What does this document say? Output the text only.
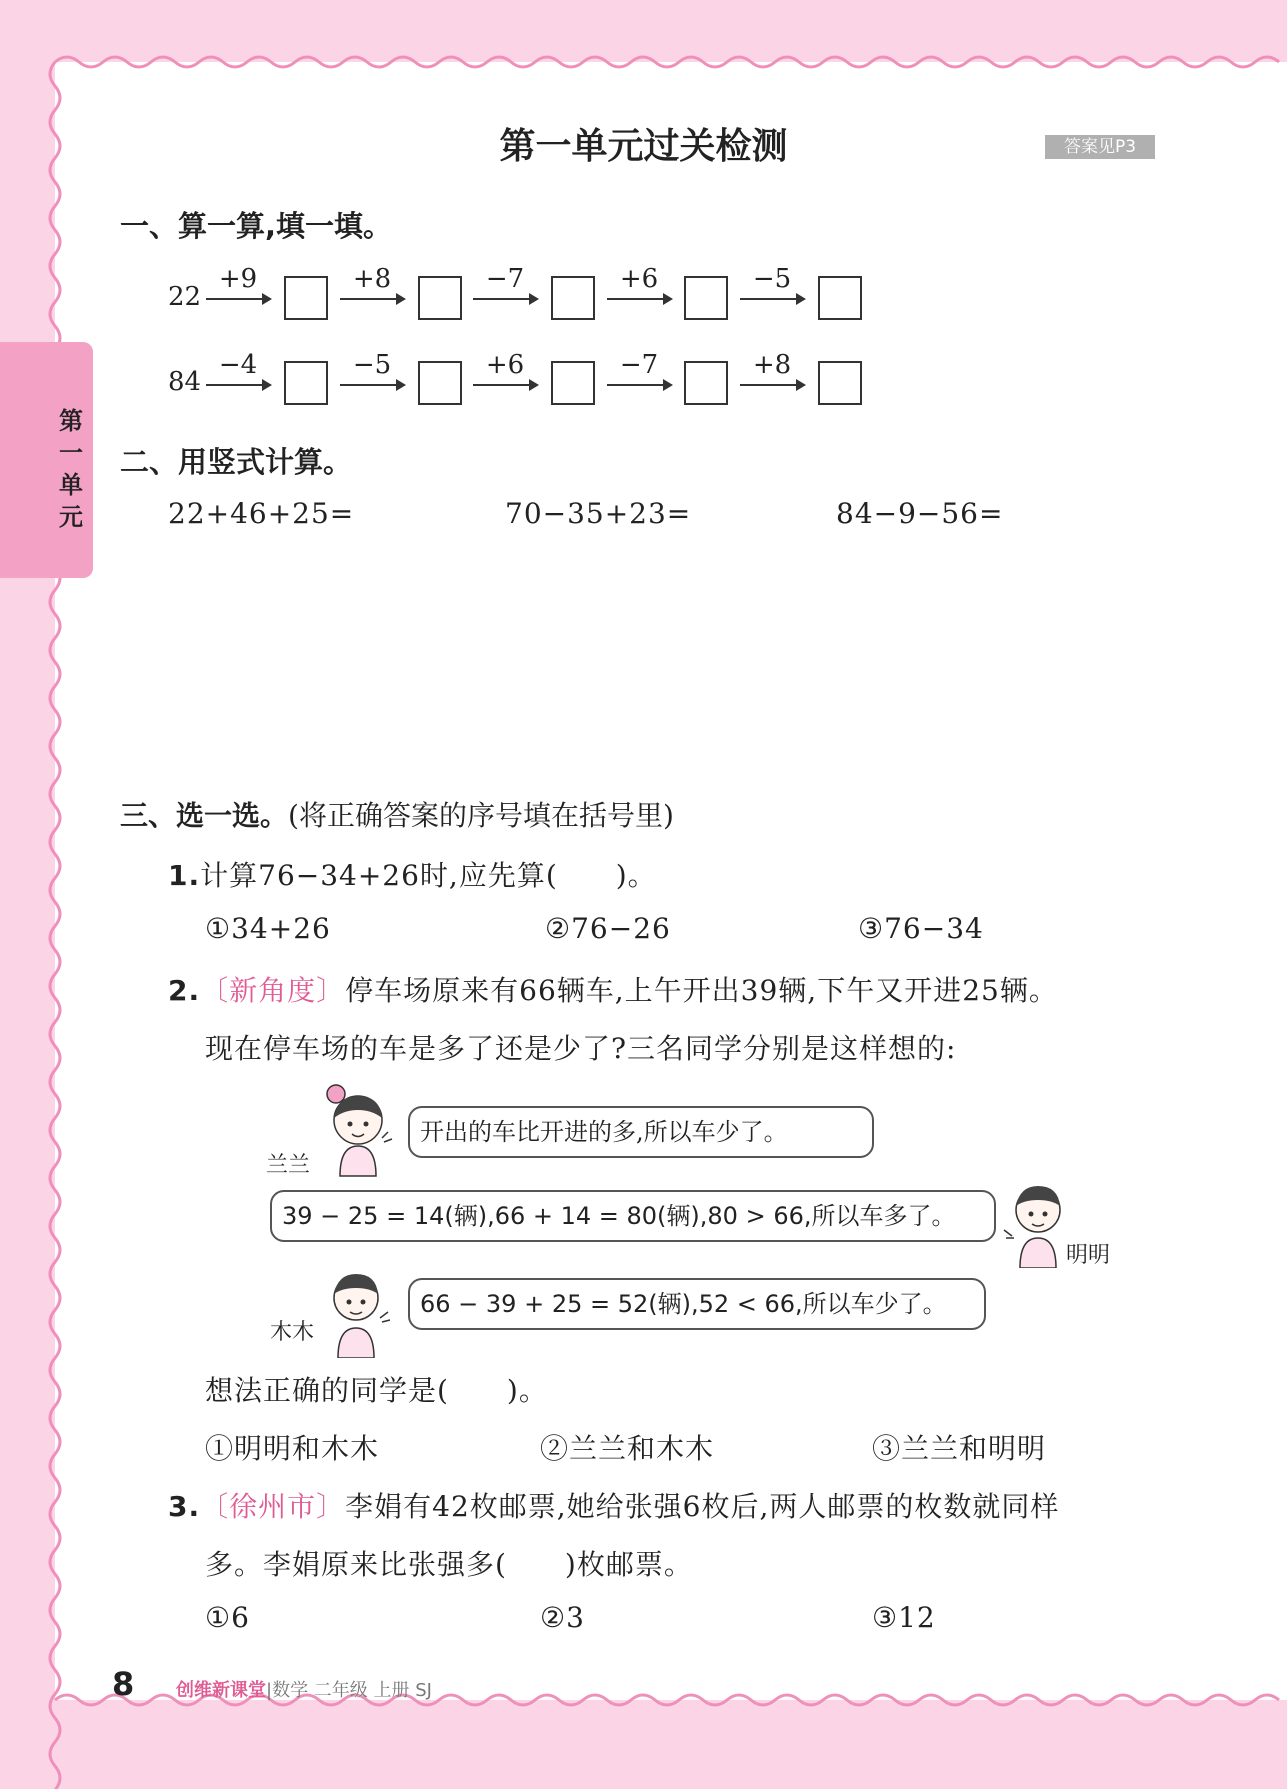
第一单元
第一单元过关检测	答案见P3
一、算一算,填一填。
22
+9	+8	−7	+6	−5
84
−4	−5	+6	−7	+8
二、用竖式计算。
22+46+25=	70−35+23=	84−9−56=
三、选一选。(将正确答案的序号填在括号里)
1.计算76−34+26时,应先算(　　)。
①34+26	②76−26	③76−34
2.〔新角度〕停车场原来有66辆车,上午开出39辆,下午又开进25辆。
现在停车场的车是多了还是少了?三名同学分别是这样想的:
兰兰
开出的车比开进的多,所以车少了。
39 − 25 = 14(辆),66 + 14 = 80(辆),80 > 66,所以车多了。
明明
木木
66 − 39 + 25 = 52(辆),52 < 66,所以车少了。
想法正确的同学是(　　)。
①明明和木木	②兰兰和木木	③兰兰和明明
3.〔徐州市〕李娟有42枚邮票,她给张强6枚后,两人邮票的枚数就同样
多。李娟原来比张强多(　　)枚邮票。
①6	②3	③12
8 创维新课堂|数学 二年级 上册 SJ
